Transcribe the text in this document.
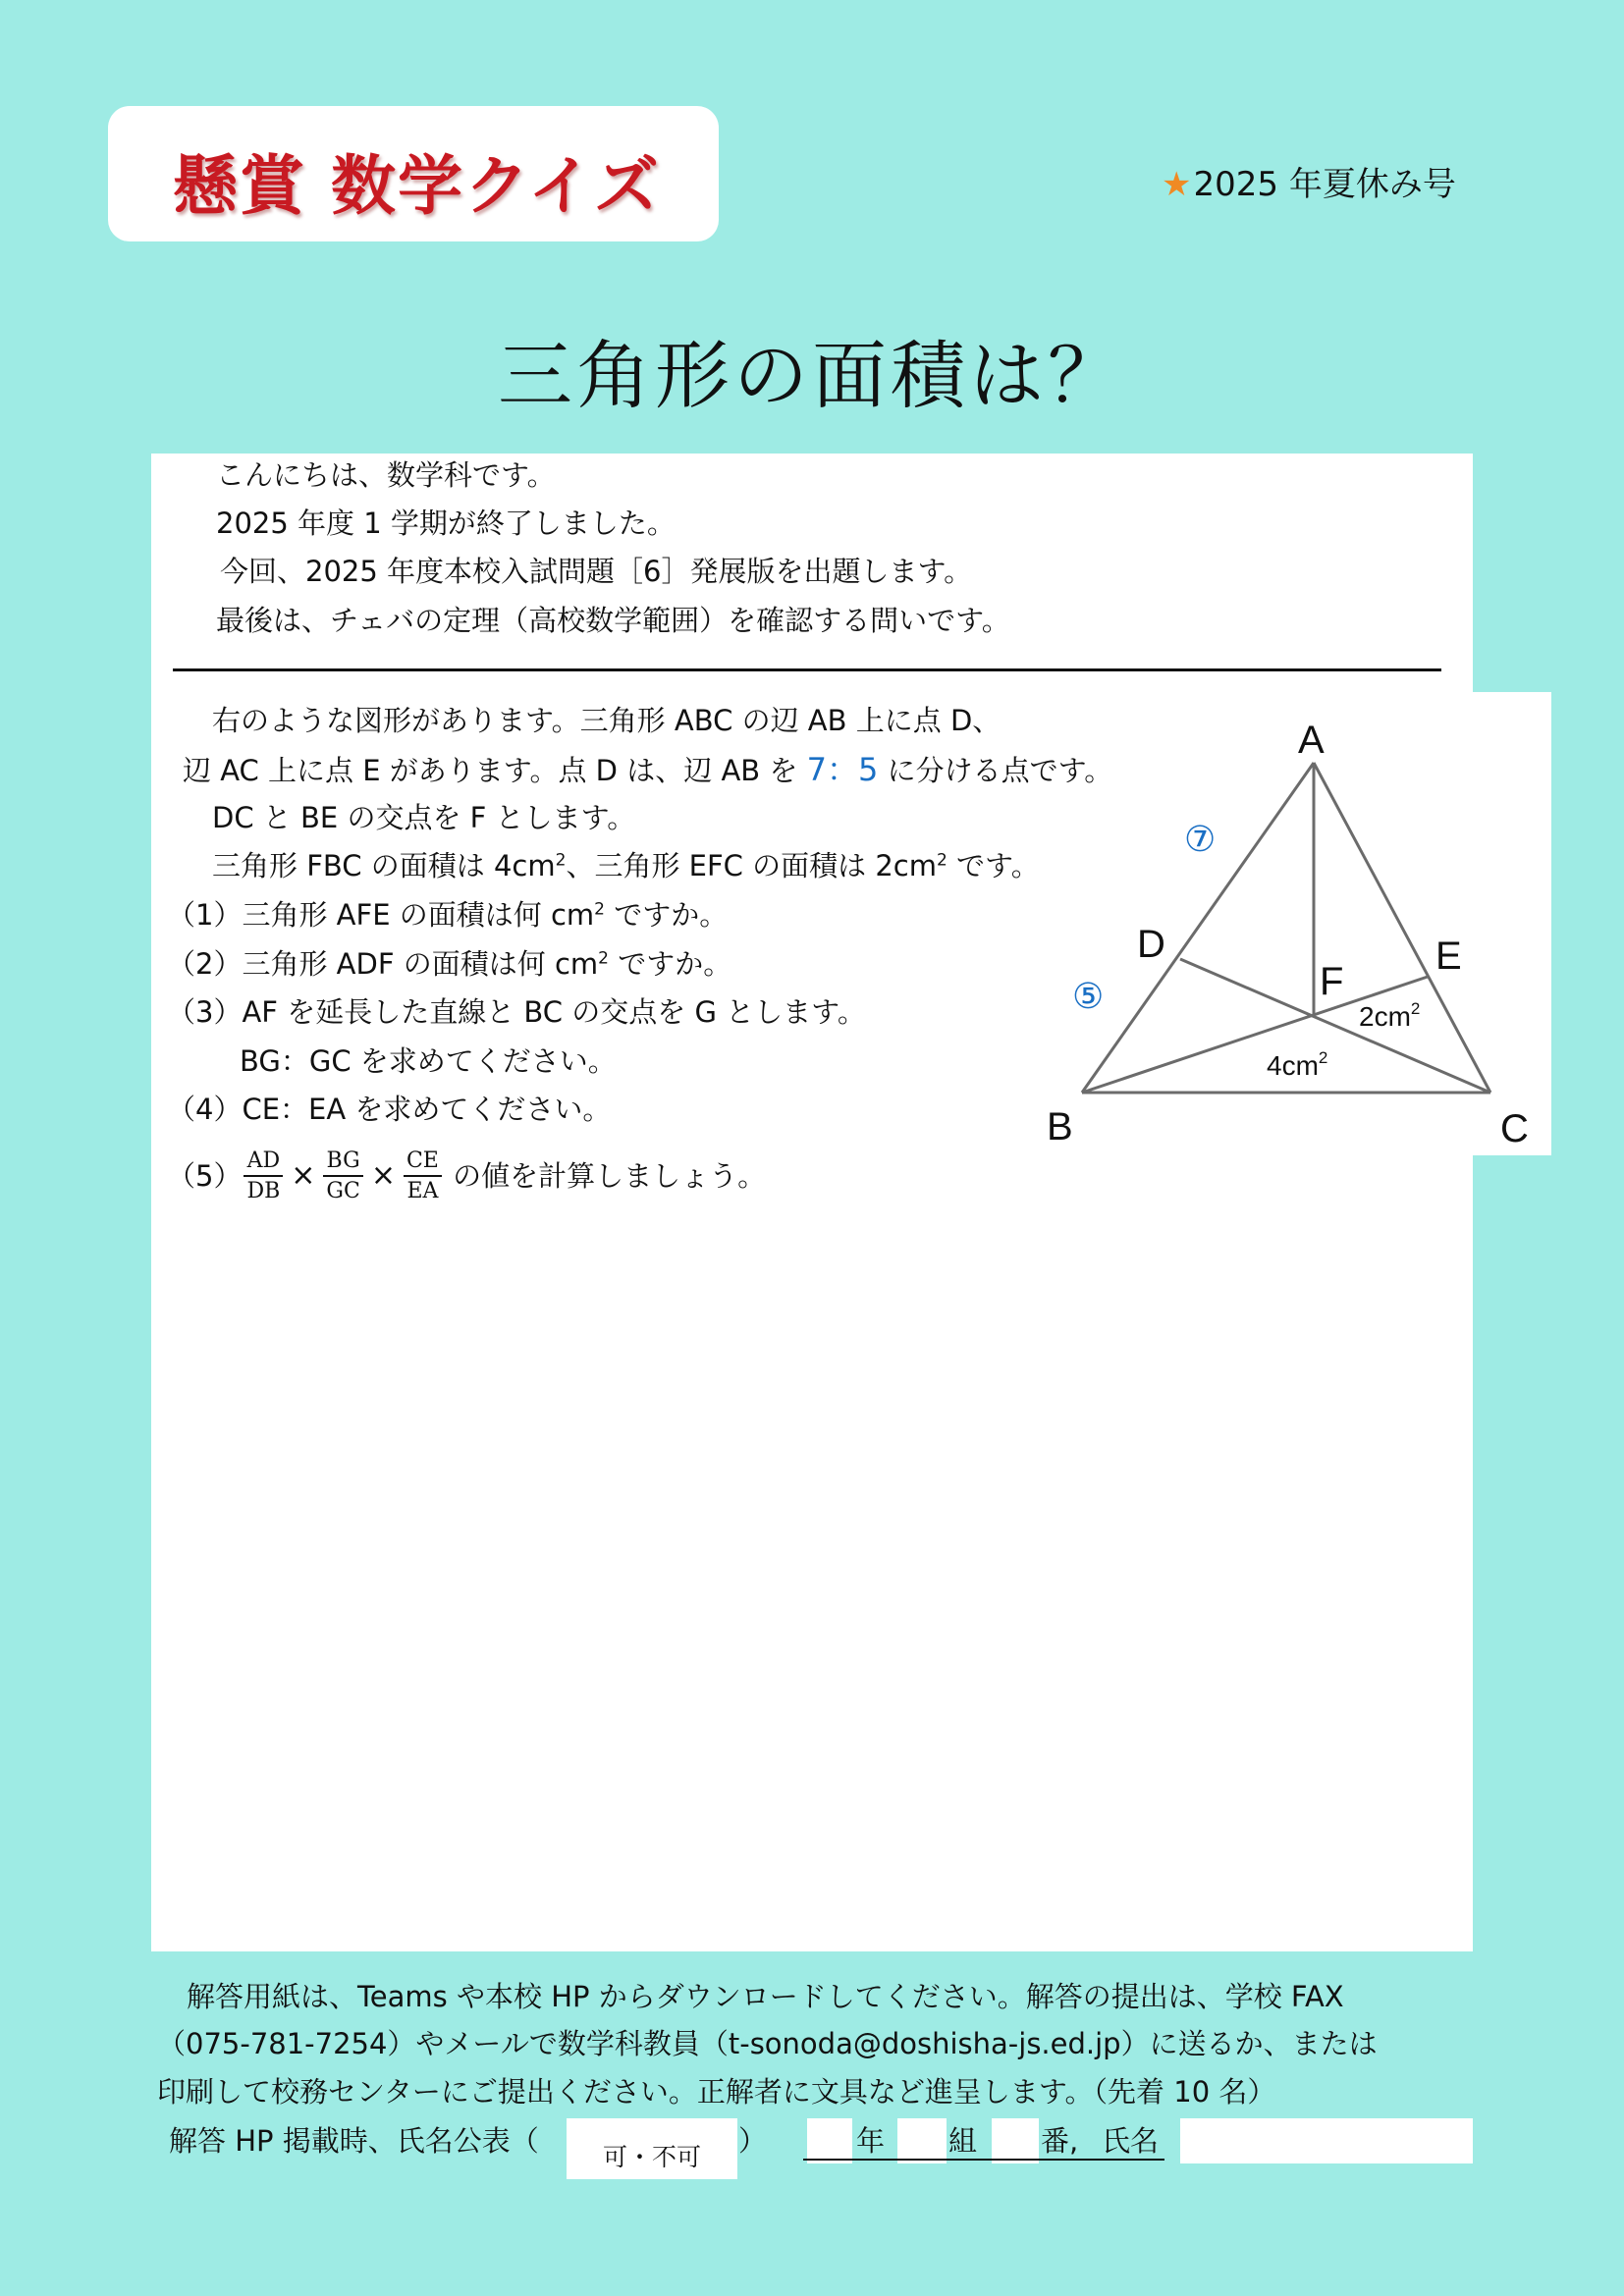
懸賞 数学クイズ	★2025 年夏休み号
三角形の面積は？
こんにちは、数学科です。
2025 年度 1 学期が終了しました。
今回、2025 年度本校入試問題［6］発展版を出題します。
最後は、チェバの定理（高校数学範囲）を確認する問いです。
右のような図形があります。三角形 ABC の辺 AB 上に点 D、
辺 AC 上に点 E があります。点 D は、辺 AB を 7：5 に分ける点です。
DC と BE の交点を F とします。
三角形 FBC の面積は $4cm^2$、三角形 EFC の面積は $2cm^2$ です。
（1）三角形 AFE の面積は何 $cm^2$ ですか。
（2）三角形 ADF の面積は何 $cm^2$ ですか。
（3）AF を延長した直線と BC の交点を G とします。
BG：GC を求めてください。
（4）CE：EA を求めてください。
$(5) \frac{AD}{DB} \times \frac{BG}{GC} \times \frac{CE}{EA}$ の値を計算しましょう。
A
B	C
D	E
F
⑦
⑤	$2cm^2$
$4cm^2$
解答用紙は、Teams や本校 HP からダウンロードしてください。解答の提出は、学校 FAX
（075-781-7254）やメールで数学科教員（t-sonoda@doshisha-js.ed.jp）に送るか、または
印刷して校務センターにご提出ください。正解者に文具など進呈します。（先着 10 名）
解答 HP 掲載時、氏名公表（	可・不可	）	年 組 番, 氏名
